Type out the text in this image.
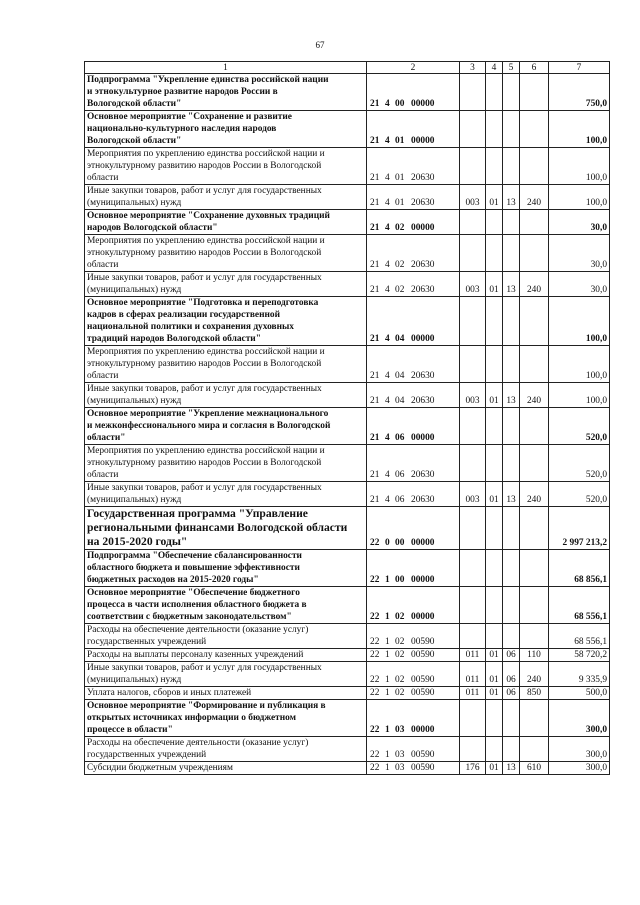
67
1	2	3	4	5	6	7

Подпрограмма "Укрепление единства российской нации
и этнокультурное развитие народов России в
Вологодской области"	21 4 00 00000					750,0

Основное мероприятие "Сохранение и развитие
национально-культурного наследия народов
Вологодской области"	21 4 01 00000					100,0

Мероприятия по укреплению единства российской нации и
этнокультурному развитию народов России в Вологодской
области	21 4 01 20630					100,0

Иные закупки товаров, работ и услуг для государственных
(муниципальных) нужд	21 4 01 20630	003	01	13	240	100,0

Основное мероприятие "Сохранение духовных традиций
народов Вологодской области"	21 4 02 00000					30,0

Мероприятия по укреплению единства российской нации и
этнокультурному развитию народов России в Вологодской
области	21 4 02 20630					30,0

Иные закупки товаров, работ и услуг для государственных
(муниципальных) нужд	21 4 02 20630	003	01	13	240	30,0

Основное мероприятие "Подготовка и переподготовка
кадров в сферах реализации государственной
национальной политики и сохранения духовных
традиций народов Вологодской области"	21 4 04 00000					100,0

Мероприятия по укреплению единства российской нации и
этнокультурному развитию народов России в Вологодской
области	21 4 04 20630					100,0

Иные закупки товаров, работ и услуг для государственных
(муниципальных) нужд	21 4 04 20630	003	01	13	240	100,0

Основное мероприятие "Укрепление межнационального
и межконфессионального мира и согласия в Вологодской
области"	21 4 06 00000					520,0

Мероприятия по укреплению единства российской нации и
этнокультурному развитию народов России в Вологодской
области	21 4 06 20630					520,0

Иные закупки товаров, работ и услуг для государственных
(муниципальных) нужд	21 4 06 20630	003	01	13	240	520,0

Государственная программа "Управление
региональными финансами Вологодской области
на 2015-2020 годы"	22 0 00 00000					2 997 213,2

Подпрограмма "Обеспечение сбалансированности
областного бюджета и повышение эффективности
бюджетных расходов на 2015-2020 годы"	22 1 00 00000					68 856,1

Основное мероприятие "Обеспечение бюджетного
процесса в части исполнения областного бюджета в
соответствии с бюджетным законодательством"	22 1 02 00000					68 556,1

Расходы на обеспечение деятельности (оказание услуг)
государственных учреждений	22 1 02 00590					68 556,1

Расходы на выплаты персоналу казенных учреждений	22 1 02 00590	011	01	06	110	58 720,2

Иные закупки товаров, работ и услуг для государственных
(муниципальных) нужд	22 1 02 00590	011	01	06	240	9 335,9

Уплата налогов, сборов и иных платежей	22 1 02 00590	011	01	06	850	500,0

Основное мероприятие "Формирование и публикация в
открытых источниках информации о бюджетном
процессе в области"	22 1 03 00000					300,0

Расходы на обеспечение деятельности (оказание услуг)
государственных учреждений	22 1 03 00590					300,0

Субсидии бюджетным учреждениям	22 1 03 00590	176	01	13	610	300,0
